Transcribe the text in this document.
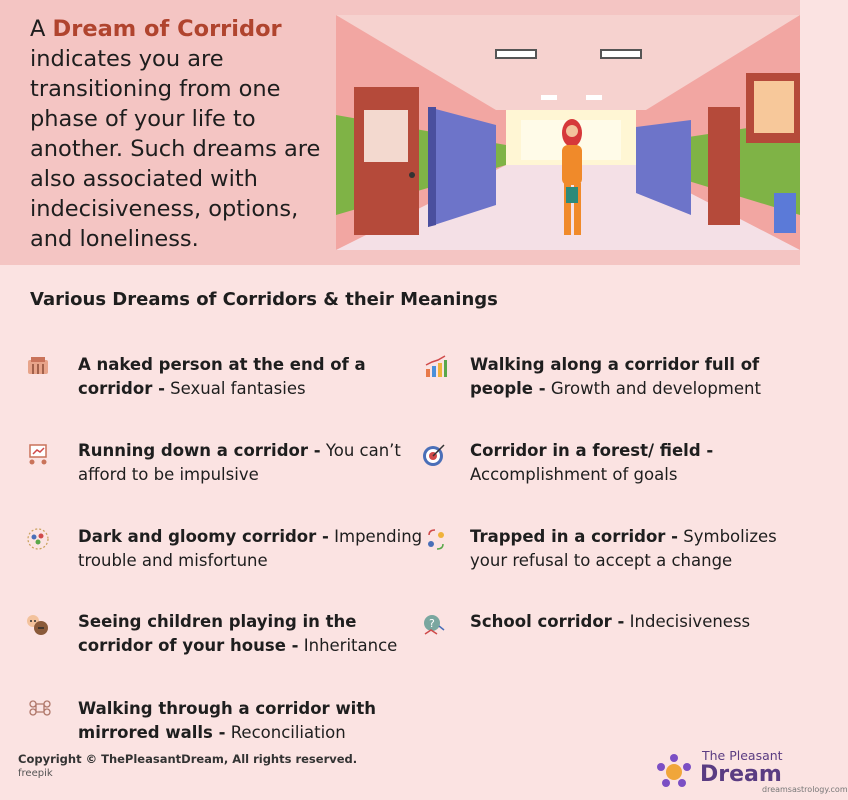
A Dream of Corridor indicates you are transitioning from one phase of your life to another. Such dreams are also associated with indecisiveness, options, and loneliness.
Various Dreams of Corridors & their Meanings
A naked person at the end of a corridor - Sexual fantasies
Walking along a corridor full of people - Growth and development
Running down a corridor - You can’t afford to be impulsive
Corridor in a forest/ field - Accomplishment of goals
Dark and gloomy corridor - Impending trouble and misfortune
Trapped in a corridor - Symbolizes your refusal to accept a change
Seeing children playing in the corridor of your house - Inheritance
? School corridor - Indecisiveness
Walking through a corridor with mirrored walls - Reconciliation
Copyright © ThePleasantDream, All rights reserved.
freepik
The Pleasant
Dream
dreamsastrology.com
